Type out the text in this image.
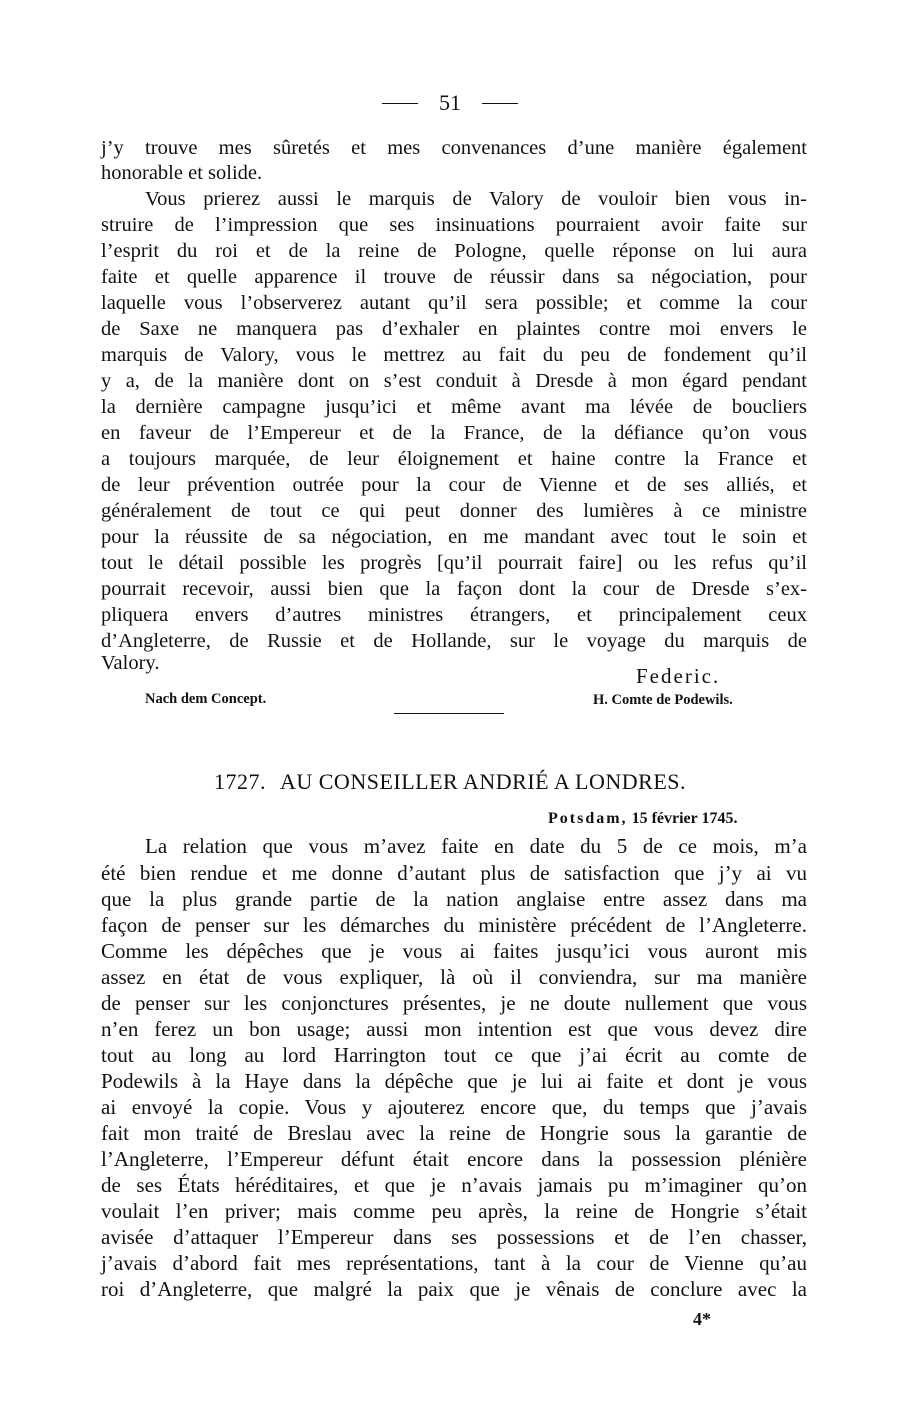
51
j’y trouve mes sûretés et mes convenances d’une manière également
honorable et solide.
Vous prierez aussi le marquis de Valory de vouloir bien vous in-
struire de l’impression que ses insinuations pourraient avoir faite sur
l’esprit du roi et de la reine de Pologne, quelle réponse on lui aura
faite et quelle apparence il trouve de réussir dans sa négociation, pour
laquelle vous l’observerez autant qu’il sera possible; et comme la cour
de Saxe ne manquera pas d’exhaler en plaintes contre moi envers le
marquis de Valory, vous le mettrez au fait du peu de fondement qu’il
y a, de la manière dont on s’est conduit à Dresde à mon égard pendant
la dernière campagne jusqu’ici et même avant ma lévée de boucliers
en faveur de l’Empereur et de la France, de la défiance qu’on vous
a toujours marquée, de leur éloignement et haine contre la France et
de leur prévention outrée pour la cour de Vienne et de ses alliés, et
généralement de tout ce qui peut donner des lumières à ce ministre
pour la réussite de sa négociation, en me mandant avec tout le soin et
tout le détail possible les progrès [qu’il pourrait faire] ou les refus qu’il
pourrait recevoir, aussi bien que la façon dont la cour de Dresde s’ex-
pliquera envers d’autres ministres étrangers, et principalement ceux
d’Angleterre, de Russie et de Hollande, sur le voyage du marquis de
Valory.
Federic.
Nach dem Concept.	H. Comte de Podewils.
1727. AU CONSEILLER ANDRIÉ A LONDRES.
Potsdam, 15 février 1745.
La relation que vous m’avez faite en date du 5 de ce mois, m’a
été bien rendue et me donne d’autant plus de satisfaction que j’y ai vu
que la plus grande partie de la nation anglaise entre assez dans ma
façon de penser sur les démarches du ministère précédent de l’Angleterre.
Comme les dépêches que je vous ai faites jusqu’ici vous auront mis
assez en état de vous expliquer, là où il conviendra, sur ma manière
de penser sur les conjonctures présentes, je ne doute nullement que vous
n’en ferez un bon usage; aussi mon intention est que vous devez dire
tout au long au lord Harrington tout ce que j’ai écrit au comte de
Podewils à la Haye dans la dépêche que je lui ai faite et dont je vous
ai envoyé la copie. Vous y ajouterez encore que, du temps que j’avais
fait mon traité de Breslau avec la reine de Hongrie sous la garantie de
l’Angleterre, l’Empereur défunt était encore dans la possession plénière
de ses États héréditaires, et que je n’avais jamais pu m’imaginer qu’on
voulait l’en priver; mais comme peu après, la reine de Hongrie s’était
avisée d’attaquer l’Empereur dans ses possessions et de l’en chasser,
j’avais d’abord fait mes représentations, tant à la cour de Vienne qu’au
roi d’Angleterre, que malgré la paix que je vênais de conclure avec la
4*
